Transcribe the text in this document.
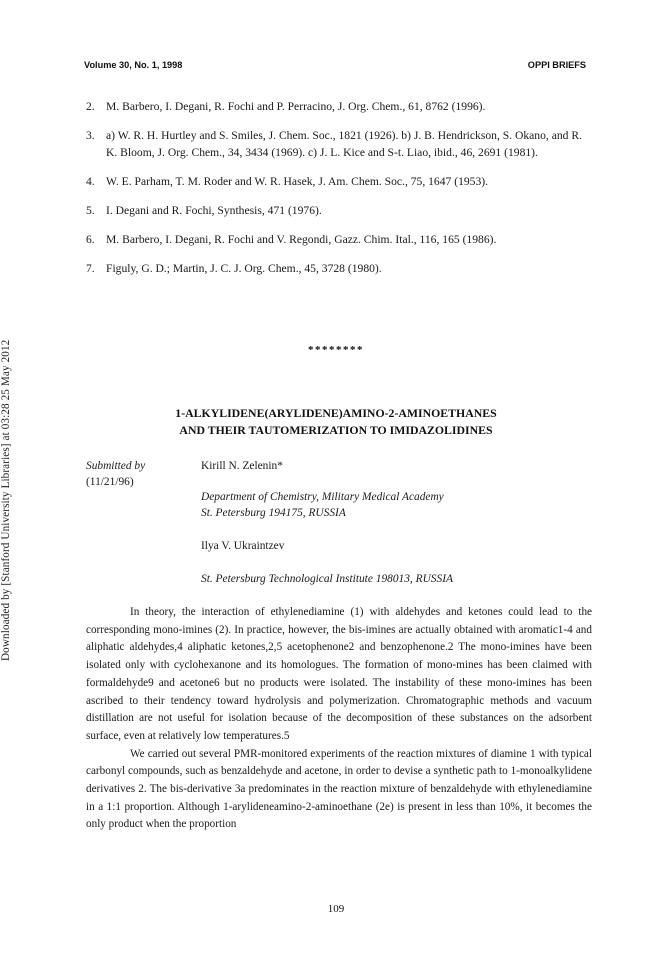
Downloaded by [Stanford University Libraries] at 03:28 25 May 2012
Volume 30, No. 1, 1998	OPPI BRIEFS
2. M. Barbero, I. Degani, R. Fochi and P. Perracino, J. Org. Chem., 61, 8762 (1996).
3. a) W. R. H. Hurtley and S. Smiles, J. Chem. Soc., 1821 (1926). b) J. B. Hendrickson, S. Okano, and R. K. Bloom, J. Org. Chem., 34, 3434 (1969). c) J. L. Kice and S-t. Liao, ibid., 46, 2691 (1981).
4. W. E. Parham, T. M. Roder and W. R. Hasek, J. Am. Chem. Soc., 75, 1647 (1953).
5. I. Degani and R. Fochi, Synthesis, 471 (1976).
6. M. Barbero, I. Degani, R. Fochi and V. Regondi, Gazz. Chim. Ital., 116, 165 (1986).
7. Figuly, G. D.; Martin, J. C. J. Org. Chem., 45, 3728 (1980).
********
1-ALKYLIDENE(ARYLIDENE)AMINO-2-AMINOETHANES
AND THEIR TAUTOMERIZATION TO IMIDAZOLIDINES
Submitted by
(11/21/96)
Kirill N. Zelenin*
Department of Chemistry, Military Medical Academy
St. Petersburg 194175, RUSSIA
Ilya V. Ukraintzev
St. Petersburg Technological Institute 198013, RUSSIA

In theory, the interaction of ethylenediamine (1) with aldehydes and ketones could lead to the corresponding mono-imines (2). In practice, however, the bis-imines are actually obtained with aromatic1-4 and aliphatic aldehydes,4 aliphatic ketones,2,5 acetophenone2 and benzophenone.2 The mono-imines have been isolated only with cyclohexanone and its homologues. The formation of mono-mines has been claimed with formaldehyde9 and acetone6 but no products were isolated. The instability of these mono-imines has been ascribed to their tendency toward hydrolysis and polymerization. Chromatographic methods and vacuum distillation are not useful for isolation because of the decomposition of these substances on the adsorbent surface, even at relatively low temperatures.5

We carried out several PMR-monitored experiments of the reaction mixtures of diamine 1 with typical carbonyl compounds, such as benzaldehyde and acetone, in order to devise a synthetic path to 1-monoalkylidene derivatives 2. The bis-derivative 3a predominates in the reaction mixture of benzaldehyde with ethylenediamine in a 1:1 proportion. Although 1-arylideneamino-2-aminoethane (2e) is present in less than 10%, it becomes the only product when the proportion

109
